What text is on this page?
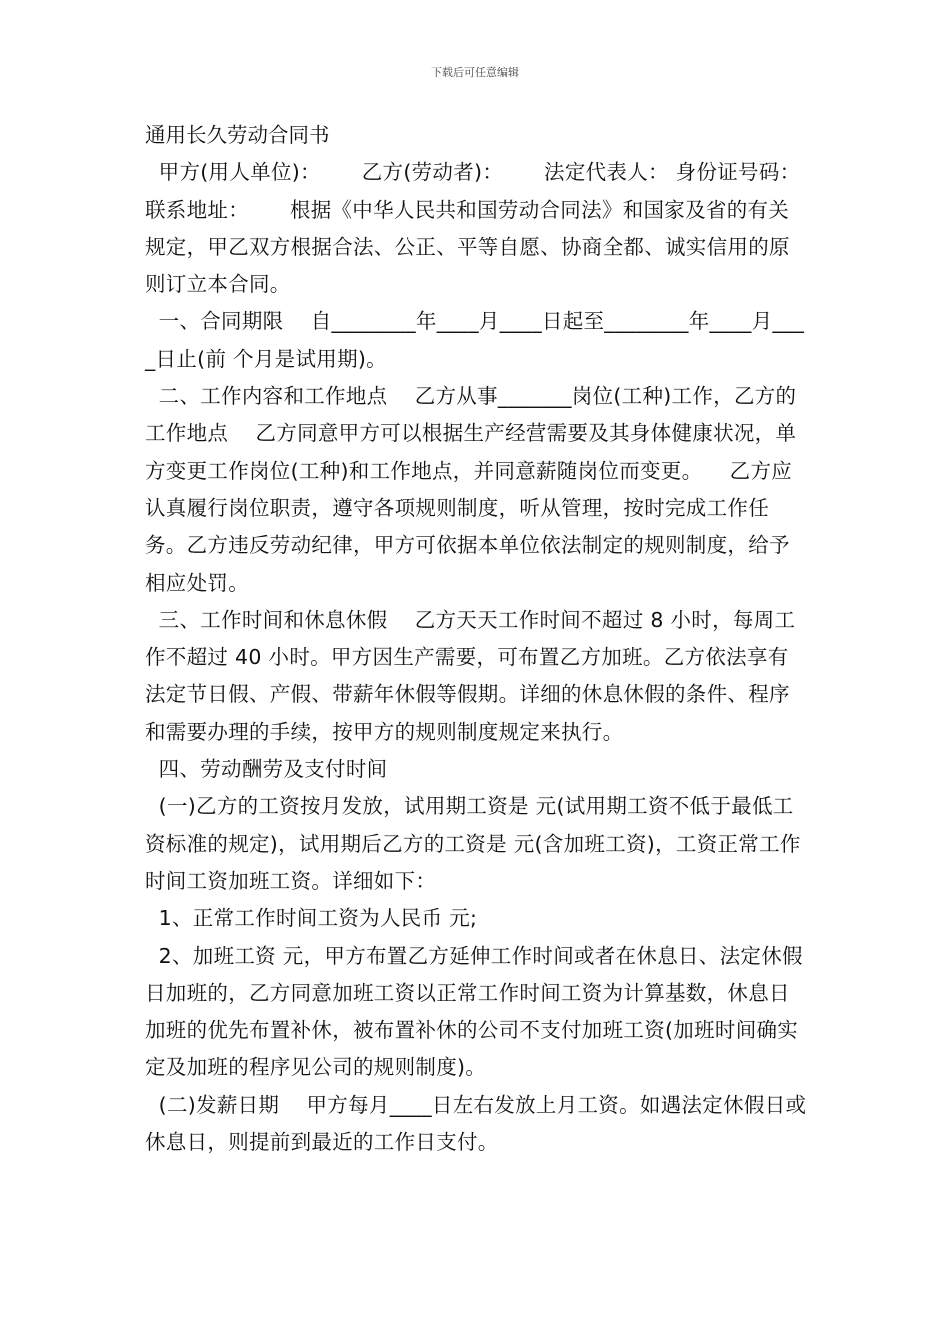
下载后可任意编辑

通用长久劳动合同书

甲方(用人单位)：      乙方(劳动者)：      法定代表人： 身份证号码：      联系地址：      根据《中华人民共和国劳动合同法》和国家及省的有关规定，甲乙双方根据合法、公正、平等自愿、协商全都、诚实信用的原则订立本合同。

一、合同期限    自________年____月____日起至________年____月____日止(前 个月是试用期)。

二、工作内容和工作地点    乙方从事_______岗位(工种)工作，乙方的工作地点    乙方同意甲方可以根据生产经营需要及其身体健康状况，单方变更工作岗位(工种)和工作地点，并同意薪随岗位而变更。    乙方应认真履行岗位职责，遵守各项规则制度，听从管理，按时完成工作任务。乙方违反劳动纪律，甲方可依据本单位依法制定的规则制度，给予相应处罚。

三、工作时间和休息休假    乙方天天工作时间不超过 8 小时，每周工作不超过 40 小时。甲方因生产需要，可布置乙方加班。乙方依法享有法定节日假、产假、带薪年休假等假期。详细的休息休假的条件、程序和需要办理的手续，按甲方的规则制度规定来执行。

四、劳动酬劳及支付时间

(一)乙方的工资按月发放，试用期工资是 元(试用期工资不低于最低工资标准的规定)，试用期后乙方的工资是 元(含加班工资)，工资正常工作时间工资加班工资。详细如下：

1、正常工作时间工资为人民币 元;

2、加班工资 元，甲方布置乙方延伸工作时间或者在休息日、法定休假日加班的，乙方同意加班工资以正常工作时间工资为计算基数，休息日加班的优先布置补休，被布置补休的公司不支付加班工资(加班时间确实定及加班的程序见公司的规则制度)。

(二)发薪日期    甲方每月____日左右发放上月工资。如遇法定休假日或休息日，则提前到最近的工作日支付。
